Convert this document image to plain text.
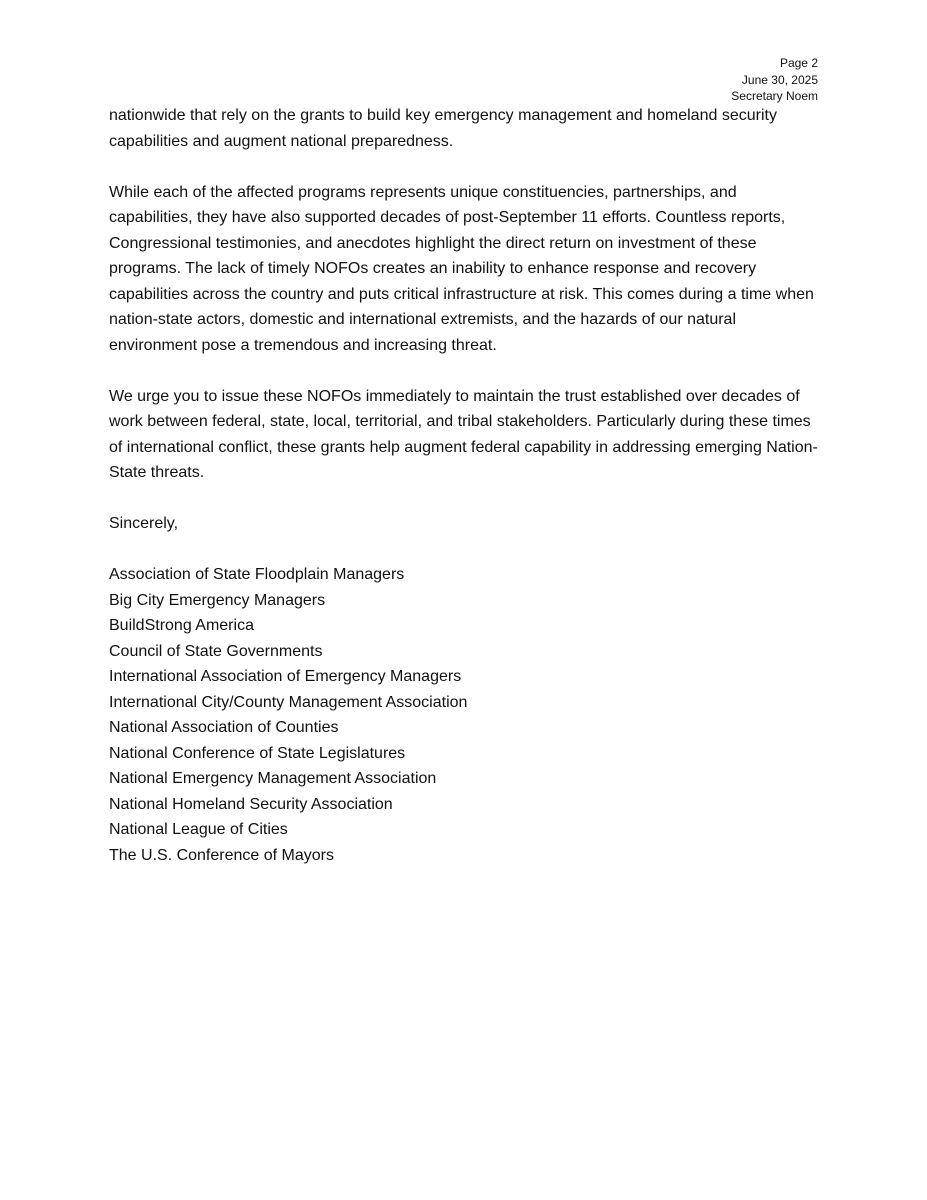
Page 2
June 30, 2025
Secretary Noem

nationwide that rely on the grants to build key emergency management and homeland security capabilities and augment national preparedness.

While each of the affected programs represents unique constituencies, partnerships, and capabilities, they have also supported decades of post-September 11 efforts. Countless reports, Congressional testimonies, and anecdotes highlight the direct return on investment of these programs. The lack of timely NOFOs creates an inability to enhance response and recovery capabilities across the country and puts critical infrastructure at risk. This comes during a time when nation-state actors, domestic and international extremists, and the hazards of our natural environment pose a tremendous and increasing threat.

We urge you to issue these NOFOs immediately to maintain the trust established over decades of work between federal, state, local, territorial, and tribal stakeholders. Particularly during these times of international conflict, these grants help augment federal capability in addressing emerging Nation-State threats.

Sincerely,
Association of State Floodplain Managers
Big City Emergency Managers
BuildStrong America
Council of State Governments
International Association of Emergency Managers
International City/County Management Association
National Association of Counties
National Conference of State Legislatures
National Emergency Management Association
National Homeland Security Association
National League of Cities
The U.S. Conference of Mayors
